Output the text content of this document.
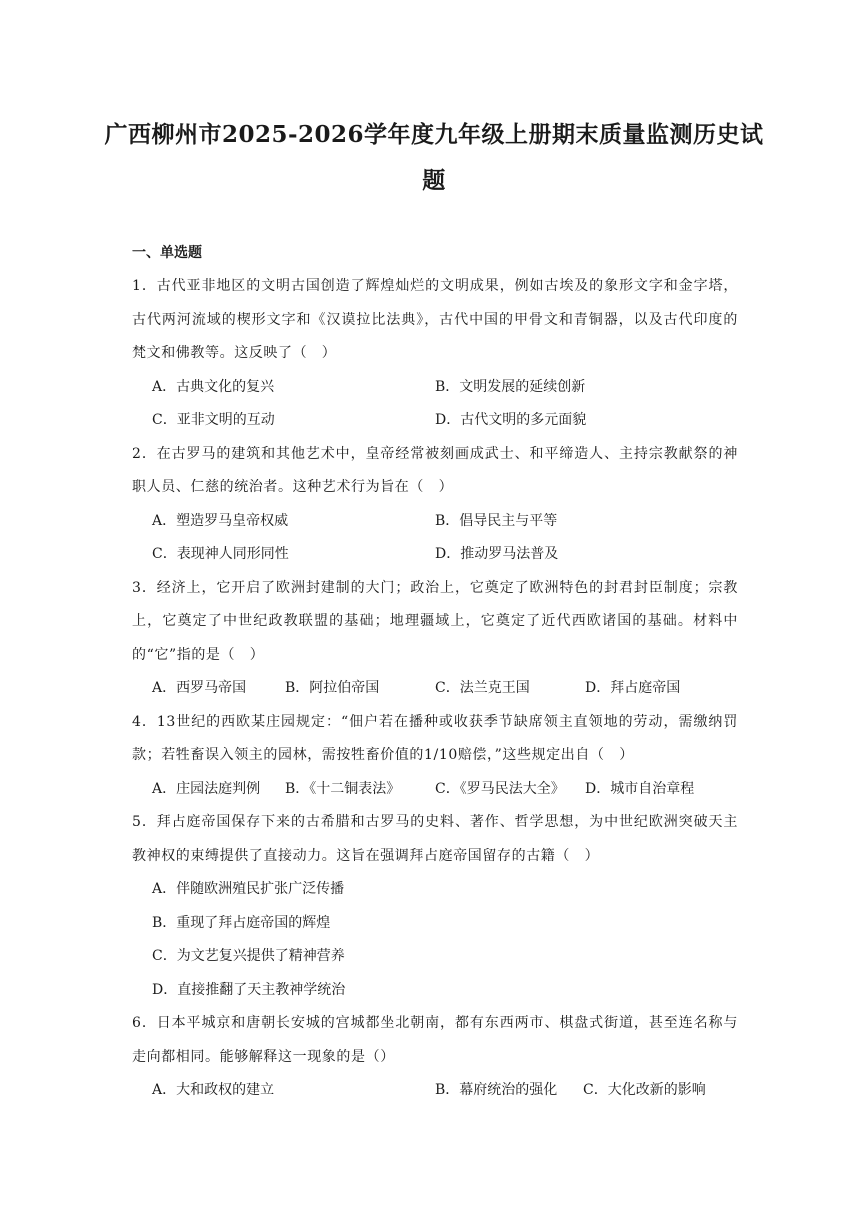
广西柳州市2025-2026学年度九年级上册期末质量监测历史试
题
一、单选题
1．古代亚非地区的文明古国创造了辉煌灿烂的文明成果，例如古埃及的象形文字和金字塔，古代两河流域的楔形文字和《汉谟拉比法典》，古代中国的甲骨文和青铜器，以及古代印度的梵文和佛教等。这反映了（　）
A．古典文化的复兴	B．文明发展的延续创新
C．亚非文明的互动	D．古代文明的多元面貌
2．在古罗马的建筑和其他艺术中，皇帝经常被刻画成武士、和平缔造人、主持宗教献祭的神职人员、仁慈的统治者。这种艺术行为旨在（　）
A．塑造罗马皇帝权威	B．倡导民主与平等
C．表现神人同形同性	D．推动罗马法普及
3．经济上，它开启了欧洲封建制的大门；政治上，它奠定了欧洲特色的封君封臣制度；宗教上，它奠定了中世纪政教联盟的基础；地理疆域上，它奠定了近代西欧诸国的基础。材料中的“它”指的是（　）
A．西罗马帝国	B．阿拉伯帝国	C．法兰克王国	D．拜占庭帝国
4．13世纪的西欧某庄园规定：“佃户若在播种或收获季节缺席领主直领地的劳动，需缴纳罚款；若牲畜误入领主的园林，需按牲畜价值的1/10赔偿，”这些规定出自（　）
A．庄园法庭判例 B．《十二铜表法》 C．《罗马民法大全》 D．城市自治章程
5．拜占庭帝国保存下来的古希腊和古罗马的史料、著作、哲学思想，为中世纪欧洲突破天主教神权的束缚提供了直接动力。这旨在强调拜占庭帝国留存的古籍（　）
A．伴随欧洲殖民扩张广泛传播
B．重现了拜占庭帝国的辉煌
C．为文艺复兴提供了精神营养
D．直接推翻了天主教神学统治
6．日本平城京和唐朝长安城的宫城都坐北朝南，都有东西两市、棋盘式街道，甚至连名称与走向都相同。能够解释这一现象的是（）
A．大和政权的建立	B．幕府统治的强化 C．大化改新的影响
